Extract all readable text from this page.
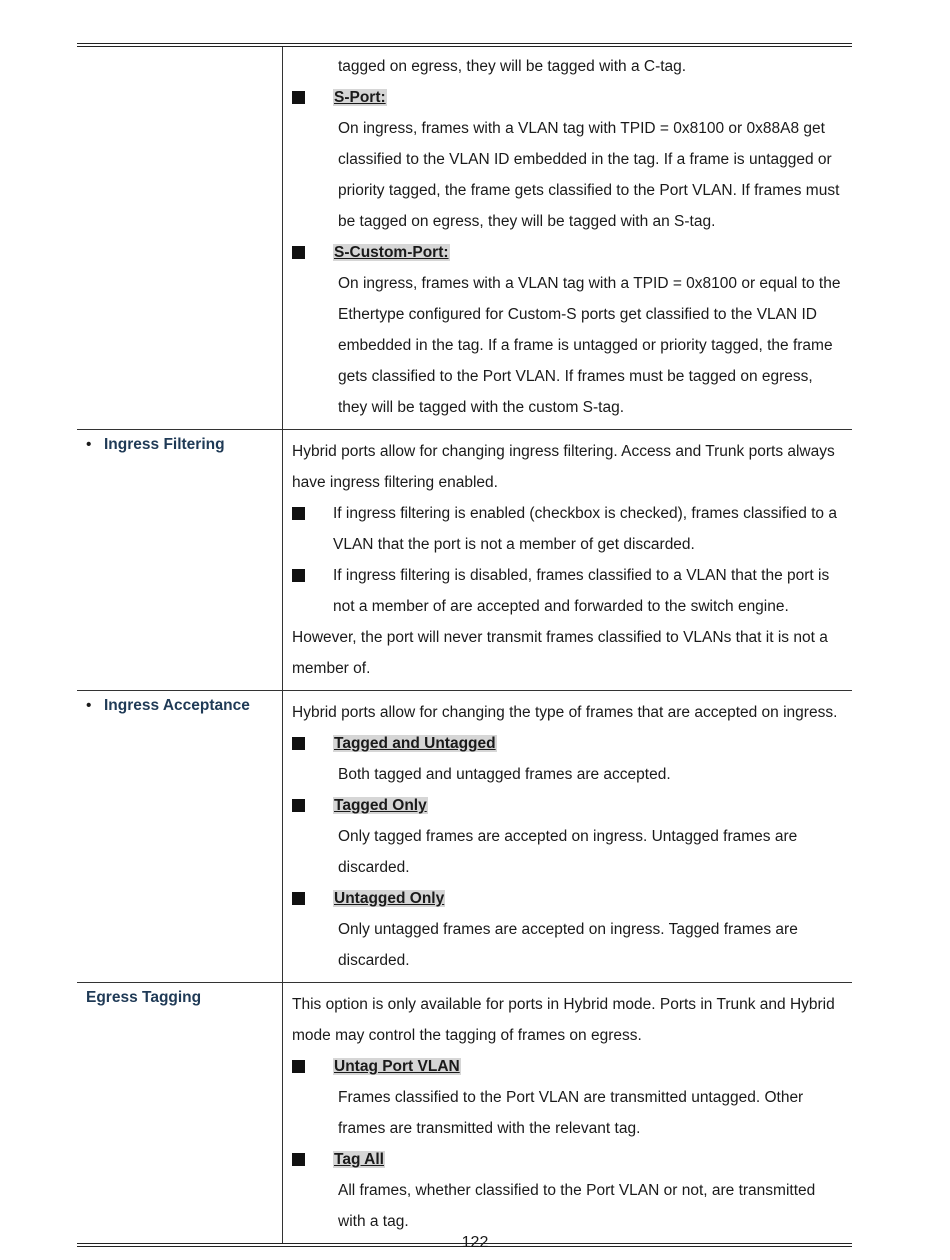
tagged on egress, they will be tagged with a C-tag.

S-Port:

On ingress, frames with a VLAN tag with TPID = 0x8100 or 0x88A8 get classified to the VLAN ID embedded in the tag. If a frame is untagged or priority tagged, the frame gets classified to the Port VLAN. If frames must be tagged on egress, they will be tagged with an S-tag.

S-Custom-Port:

On ingress, frames with a VLAN tag with a TPID = 0x8100 or equal to the Ethertype configured for Custom-S ports get classified to the VLAN ID embedded in the tag. If a frame is untagged or priority tagged, the frame gets classified to the Port VLAN. If frames must be tagged on egress, they will be tagged with the custom S-tag.

• Ingress Filtering	Hybrid ports allow for changing ingress filtering. Access and Trunk ports always have ingress filtering enabled.

If ingress filtering is enabled (checkbox is checked), frames classified to a VLAN that the port is not a member of get discarded.
If ingress filtering is disabled, frames classified to a VLAN that the port is not a member of are accepted and forwarded to the switch engine.

However, the port will never transmit frames classified to VLANs that it is not a member of.

• Ingress Acceptance	Hybrid ports allow for changing the type of frames that are accepted on ingress.

Tagged and Untagged

Both tagged and untagged frames are accepted.

Tagged Only

Only tagged frames are accepted on ingress. Untagged frames are discarded.

Untagged Only

Only untagged frames are accepted on ingress. Tagged frames are discarded.

Egress Tagging	This option is only available for ports in Hybrid mode. Ports in Trunk and Hybrid mode may control the tagging of frames on egress.

Untag Port VLAN

Frames classified to the Port VLAN are transmitted untagged. Other frames are transmitted with the relevant tag.

Tag All

All frames, whether classified to the Port VLAN or not, are transmitted with a tag.

122
